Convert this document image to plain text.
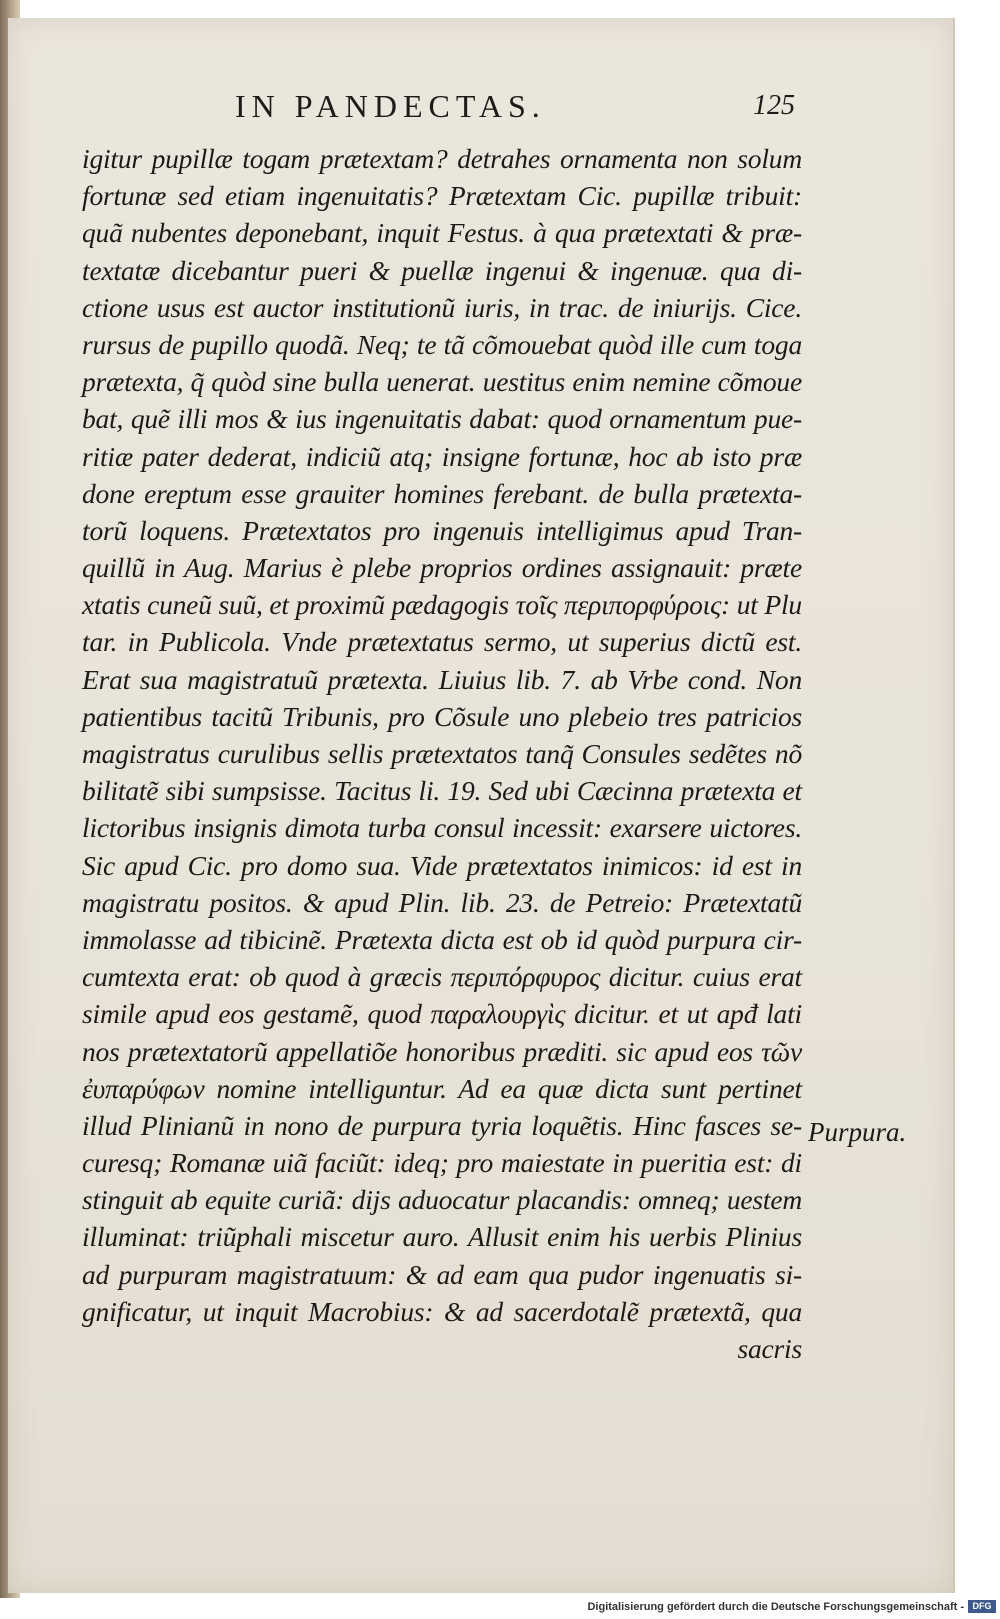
IN PANDECTAS.	125
igitur pupillæ togam prætextam? detrahes ornamenta non solum
fortunæ sed etiam ingenuitatis? Prætextam Cic. pupillæ tribuit:
quã nubentes deponebant, inquit Festus. à qua prætextati & præ-
textatæ dicebantur pueri & puellæ ingenui & ingenuæ. qua di-
ctione usus est auctor institutionũ iuris, in trac. de iniurijs. Cice.
rursus de pupillo quodã. Neq; te tã cõmouebat quòd ille cum toga
prætexta, q̃ quòd sine bulla uenerat. uestitus enim nemine cõmoue
bat, quẽ illi mos & ius ingenuitatis dabat: quod ornamentum pue-
ritiæ pater dederat, indiciũ atq; insigne fortunæ, hoc ab isto præ
done ereptum esse grauiter homines ferebant. de bulla prætexta-
torũ loquens. Prætextatos pro ingenuis intelligimus apud Tran-
quillũ in Aug. Marius è plebe proprios ordines assignauit: præte
xtatis cuneũ suũ, et proximũ pædagogis τοῖς περιπορφύροις: ut Plu
tar. in Publicola. Vnde prætextatus sermo, ut superius dictũ est.
Erat sua magistratuũ prætexta. Liuius lib. 7. ab Vrbe cond. Non
patientibus tacitũ Tribunis, pro Cõsule uno plebeio tres patricios
magistratus curulibus sellis prætextatos tanq̃ Consules sedẽtes nõ
bilitatẽ sibi sumpsisse. Tacitus li. 19. Sed ubi Cæcinna prætexta et
lictoribus insignis dimota turba consul incessit: exarsere uictores.
Sic apud Cic. pro domo sua. Vide prætextatos inimicos: id est in
magistratu positos. & apud Plin. lib. 23. de Petreio: Prætextatũ
immolasse ad tibicinẽ. Prætexta dicta est ob id quòd purpura cir-
cumtexta erat: ob quod à græcis περιπόρφυρος dicitur. cuius erat
simile apud eos gestamẽ, quod παραλουργὶς dicitur. et ut apđ lati
nos prætextatorũ appellatiõe honoribus præditi. sic apud eos τῶν
ἐυπαρύφων nomine intelliguntur. Ad ea quæ dicta sunt pertinet
illud Plinianũ in nono de purpura tyria loquẽtis. Hinc fasces se-
curesq; Romanæ uiã faciũt: ideq; pro maiestate in pueritia est: di
stinguit ab equite curiã: dijs aduocatur placandis: omneq; uestem
illuminat: triũphali miscetur auro. Allusit enim his uerbis Plinius
ad purpuram magistratuum: & ad eam qua pudor ingenuatis si-
gnificatur, ut inquit Macrobius: & ad sacerdotalẽ prætextã, qua
sacris
Purpura.
Digitalisierung gefördert durch die Deutsche Forschungsgemeinschaft - DFG
